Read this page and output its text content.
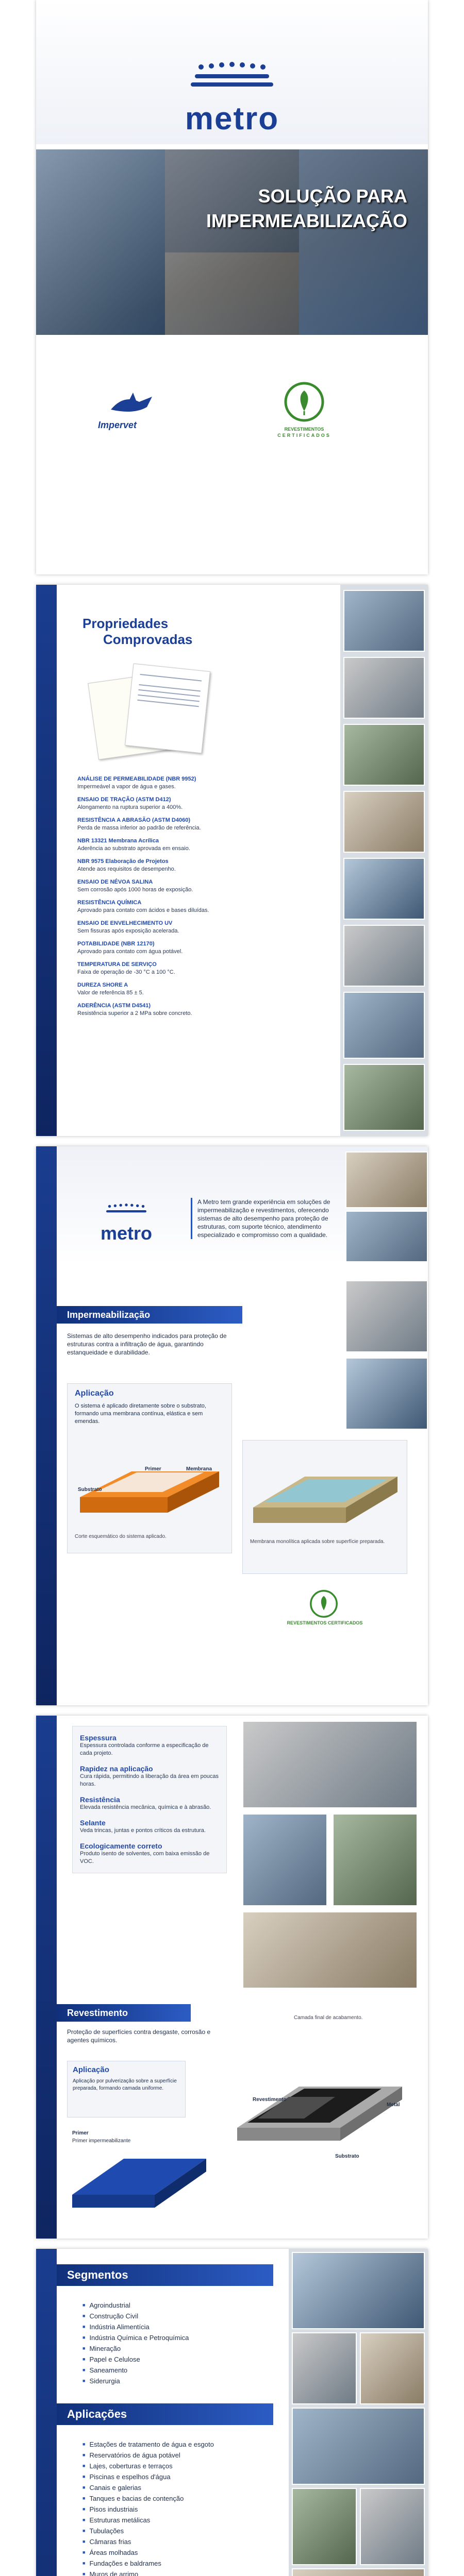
metro
SOLUÇÃO PARA
IMPERMEABILIZAÇÃO
Impervet	REVESTIMENTOS
CERTIFICADOS
Propriedades
Comprovadas
ANÁLISE DE PERMEABILIDADE (NBR 9952)
Impermeável a vapor de água e gases.
ENSAIO DE TRAÇÃO (ASTM D412)
Alongamento na ruptura superior a 400%.
RESISTÊNCIA A ABRASÃO (ASTM D4060)
Perda de massa inferior ao padrão de referência.
NBR 13321 Membrana Acrílica
Aderência ao substrato aprovada em ensaio.
NBR 9575 Elaboração de Projetos
Atende aos requisitos de desempenho.
ENSAIO DE NÉVOA SALINA
Sem corrosão após 1000 horas de exposição.
RESISTÊNCIA QUÍMICA
Aprovado para contato com ácidos e bases diluídas.
ENSAIO DE ENVELHECIMENTO UV
Sem fissuras após exposição acelerada.
POTABILIDADE (NBR 12170)
Aprovado para contato com água potável.
TEMPERATURA DE SERVIÇO
Faixa de operação de -30 °C a 100 °C.
DUREZA SHORE A
Valor de referência 85 ± 5.
ADERÊNCIA (ASTM D4541)
Resistência superior a 2 MPa sobre concreto.
metro
A Metro tem grande experiência em soluções de impermeabilização e revestimentos, oferecendo sistemas de alto desempenho para proteção de estruturas, com suporte técnico, atendimento especializado e compromisso com a qualidade.
Impermeabilização
Sistemas de alto desempenho indicados para proteção de estruturas contra a infiltração de água, garantindo estanqueidade e durabilidade.
Aplicação
O sistema é aplicado diretamente sobre o substrato, formando uma membrana contínua, elástica e sem emendas.
Substrato
Primer	Membrana
Corte esquemático do sistema aplicado.
Membrana monolítica aplicada sobre superfície preparada.
REVESTIMENTOS CERTIFICADOS
Espessura
Espessura controlada conforme a especificação de cada projeto.
Rapidez na aplicação
Cura rápida, permitindo a liberação da área em poucas horas.
Resistência
Elevada resistência mecânica, química e à abrasão.
Selante
Veda trincas, juntas e pontos críticos da estrutura.
Ecologicamente correto
Produto isento de solventes, com baixa emissão de VOC.
Revestimento
Proteção de superfícies contra desgaste, corrosão e agentes químicos.
Aplicação
Aplicação por pulverização sobre a superfície preparada, formando camada uniforme.
Primer
Primer impermeabilizante
Camada final de acabamento.
Revestimento
Substrato
Metal
Segmentos
■ Agroindustrial
■ Construção Civil
■ Indústria Alimentícia
■ Indústria Química e Petroquímica
■ Mineração
■ Papel e Celulose
■ Saneamento
■ Siderurgia
Aplicações
■ Estações de tratamento de água e esgoto
■ Reservatórios de água potável
■ Lajes, coberturas e terraços
■ Piscinas e espelhos d'água
■ Canais e galerias
■ Tanques e bacias de contenção
■ Pisos industriais
■ Estruturas metálicas
■ Tubulações
■ Câmaras frias
■ Áreas molhadas
■ Fundações e baldrames
■ Muros de arrimo
